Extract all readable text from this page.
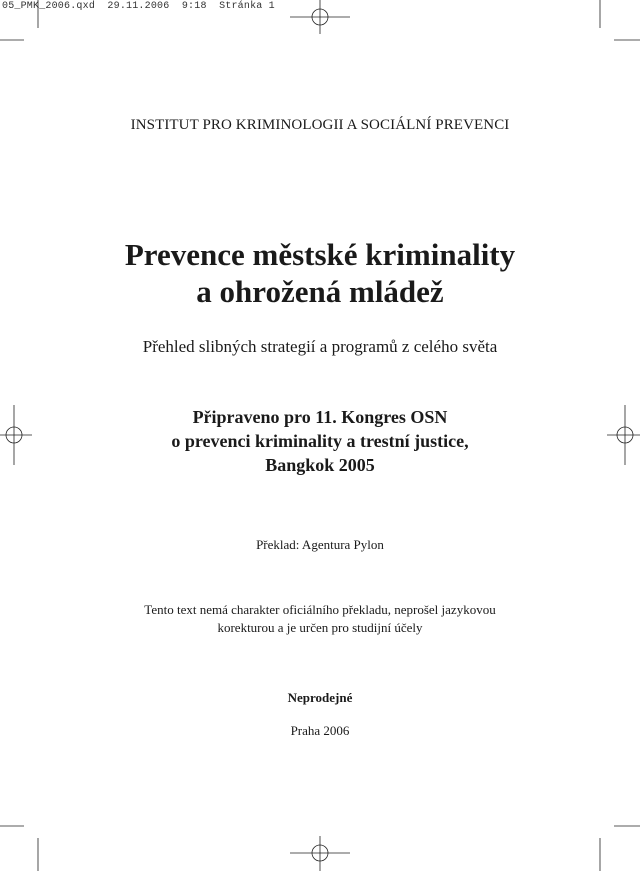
05_PMK_2006.qxd 29.11.2006 9:18 Stránka 1
INSTITUT PRO KRIMINOLOGII A SOCIÁLNÍ PREVENCI
Prevence městské kriminality
a ohrožená mládež
Přehled slibných strategií a programů z celého světa
Připraveno pro 11. Kongres OSN
o prevenci kriminality a trestní justice,
Bangkok 2005
Překlad: Agentura Pylon
Tento text nemá charakter oficiálního překladu, neprošel jazykovou
korekturou a je určen pro studijní účely
Neprodejné
Praha 2006
